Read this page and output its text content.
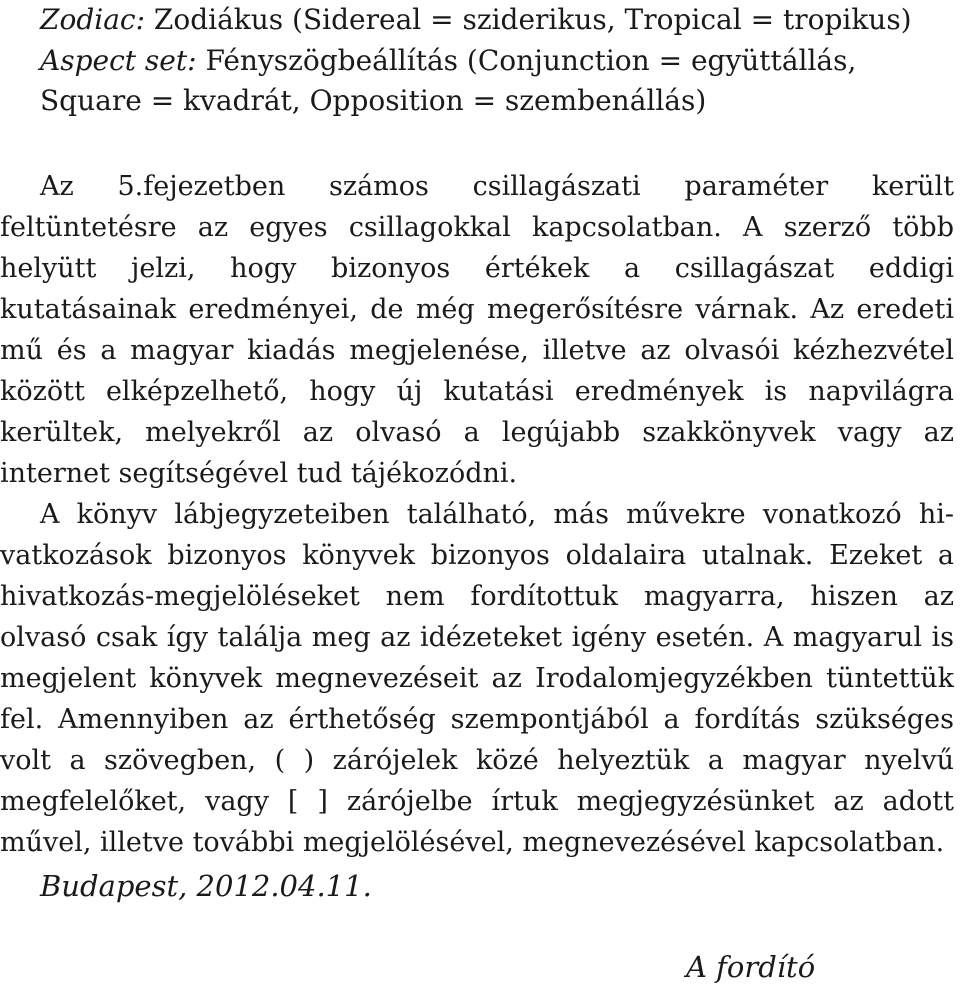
Zodiac: Zodiákus (Sidereal = sziderikus, Tropical = tropikus)
Aspect set: Fényszögbeállítás (Conjunction = együttállás, Square = kvadrát, Opposition = szembenállás)

Az 5.fejezetben számos csillagászati paraméter került feltüntetésre az egyes csillagokkal kapcsolatban. A szerző több helyütt jelzi, hogy bizonyos értékek a csillagászat eddigi kutatásainak eredményei, de még megerősítésre várnak. Az eredeti mű és a magyar kiadás megjelenése, illetve az olvasói kézhezvétel között elképzelhető, hogy új kutatási eredmények is napvilágra kerültek, melyekről az olvasó a legújabb szakkönyvek vagy az internet segítségével tud tájékozódni.

A könyv lábjegyzeteiben található, más művekre vonatkozó hivatkozások bizonyos könyvek bizonyos oldalaira utalnak. Ezeket a hivatkozás-megjelöléseket nem fordítottuk magyarra, hiszen az olvasó csak így találja meg az idézeteket igény esetén. A magyarul is megjelent könyvek megnevezéseit az Irodalomjegyzékben tüntettük fel. Amennyiben az érthetőség szempontjából a fordítás szükséges volt a szövegben, ( ) zárójelek közé helyeztük a magyar nyelvű megfelelőket, vagy [ ] zárójelbe írtuk megjegyzésünket az adott művel, illetve további megjelölésével, megnevezésével kapcsolatban.

Budapest, 2012.04.11.
A fordító
